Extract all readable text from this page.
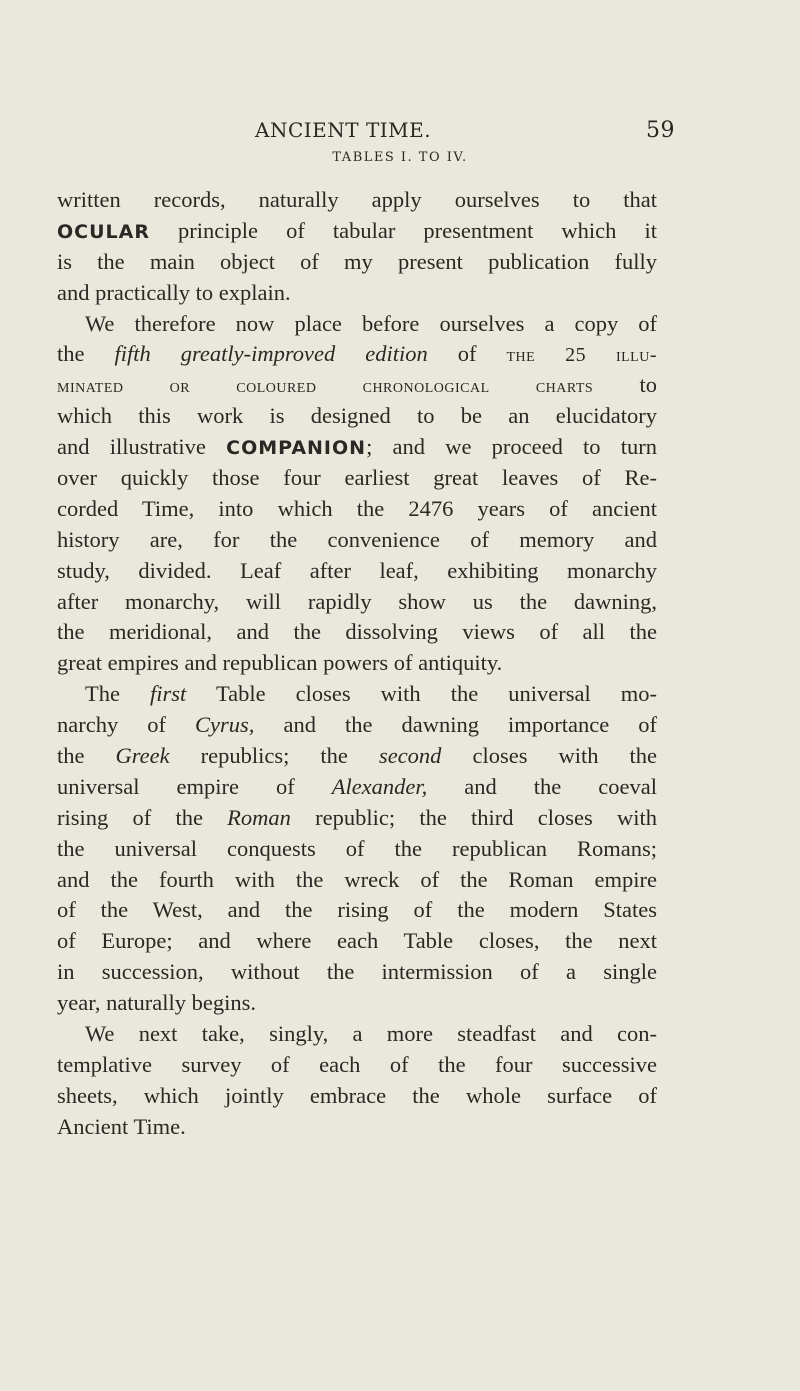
ANCIENT TIME.	59
TABLES I. TO IV.
written records, naturally apply ourselves to that
OCULAR principle of tabular presentment which it
is the main object of my present publication fully
and practically to explain.
We therefore now place before ourselves a copy of
the fifth greatly-improved edition of the 25 illu-
minated or coloured chronological charts to
which this work is designed to be an elucidatory
and illustrative COMPANION; and we proceed to turn
over quickly those four earliest great leaves of Re-
corded Time, into which the 2476 years of ancient
history are, for the convenience of memory and
study, divided. Leaf after leaf, exhibiting monarchy
after monarchy, will rapidly show us the dawning,
the meridional, and the dissolving views of all the
great empires and republican powers of antiquity.
The first Table closes with the universal mo-
narchy of Cyrus, and the dawning importance of
the Greek republics; the second closes with the
universal empire of Alexander, and the coeval
rising of the Roman republic; the third closes with
the universal conquests of the republican Romans;
and the fourth with the wreck of the Roman empire
of the West, and the rising of the modern States
of Europe; and where each Table closes, the next
in succession, without the intermission of a single
year, naturally begins.
We next take, singly, a more steadfast and con-
templative survey of each of the four successive
sheets, which jointly embrace the whole surface of
Ancient Time.
